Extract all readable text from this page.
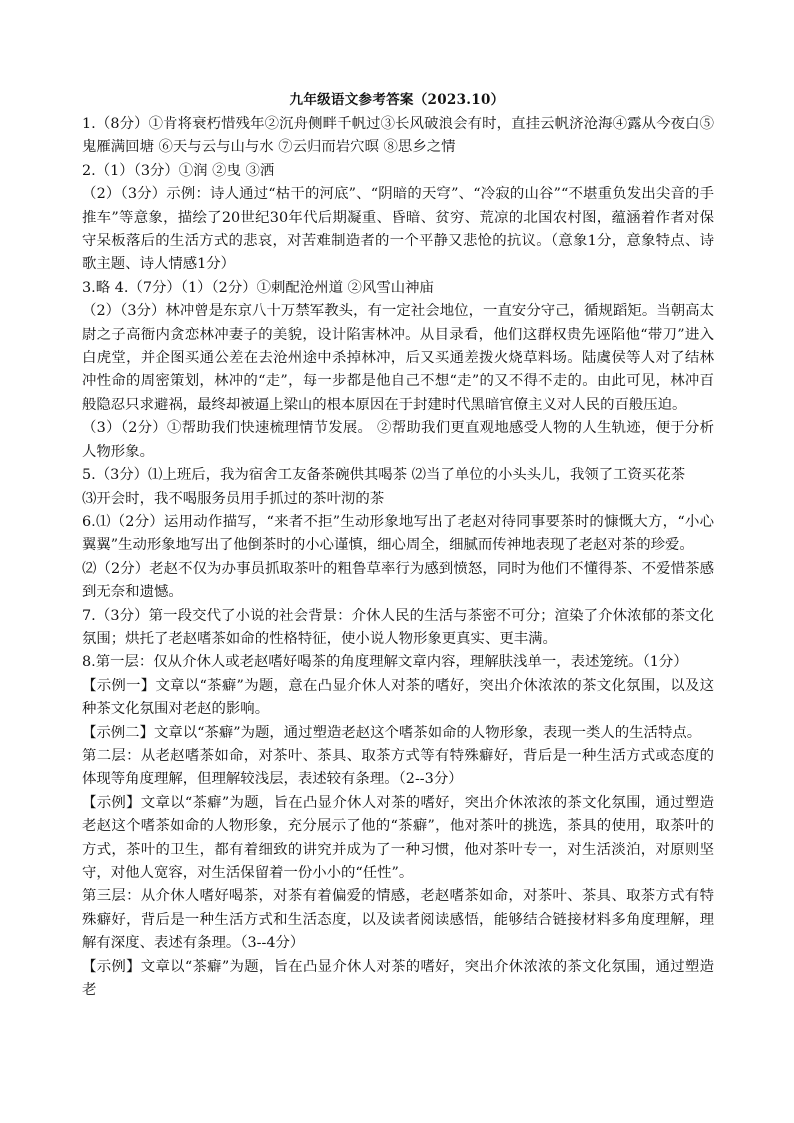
九年级语文参考答案（2023.10）

1.（8分）①肯将衰朽惜残年②沉舟侧畔千帆过③长风破浪会有时，直挂云帆济沧海④露从今夜白⑤鬼雁满回塘 ⑥天与云与山与水 ⑦云归而岩穴暝 ⑧思乡之情

2.（1）（3分）①润 ②曳 ③洒

（2）（3分）示例：诗人通过“枯干的河底”、“阴暗的天穹”、“冷寂的山谷”“不堪重负发出尖音的手推车”等意象，描绘了20世纪30年代后期凝重、昏暗、贫穷、荒凉的北国农村图，蕴涵着作者对保守呆板落后的生活方式的悲哀，对苦难制造者的一个平静又悲怆的抗议。（意象1分，意象特点、诗歌主题、诗人情感1分）

3.略 4.（7分）（1）（2分）①刺配沧州道 ②风雪山神庙

（2）（3分）林冲曾是东京八十万禁军教头，有一定社会地位，一直安分守己，循规蹈矩。当朝高太尉之子高衙内贪恋林冲妻子的美貌，设计陷害林冲。从目录看，他们这群权贵先诬陷他“带刀”进入白虎堂，并企图买通公差在去沧州途中杀掉林冲，后又买通差拨火烧草料场。陆虞侯等人对了结林冲性命的周密策划，林冲的“走”，每一步都是他自己不想“走”的又不得不走的。由此可见，林冲百般隐忍只求避祸，最终却被逼上梁山的根本原因在于封建时代黑暗官僚主义对人民的百般压迫。

（3）（2分）①帮助我们快速梳理情节发展。 ②帮助我们更直观地感受人物的人生轨迹，便于分析人物形象。

5.（3分）⑴上班后，我为宿舍工友备茶碗供其喝茶 ⑵当了单位的小头头儿，我领了工资买花茶

⑶开会时，我不喝服务员用手抓过的茶叶沏的茶

6.⑴（2分）运用动作描写，“来者不拒”生动形象地写出了老赵对待同事要茶时的慷慨大方，“小心翼翼”生动形象地写出了他倒茶时的小心谨慎，细心周全，细腻而传神地表现了老赵对茶的珍爱。

⑵（2分）老赵不仅为办事员抓取茶叶的粗鲁草率行为感到愤怒，同时为他们不懂得茶、不爱惜茶感到无奈和遗憾。

7.（3分）第一段交代了小说的社会背景：介休人民的生活与茶密不可分；渲染了介休浓郁的茶文化氛围；烘托了老赵嗜茶如命的性格特征，使小说人物形象更真实、更丰满。

8.第一层：仅从介休人或老赵嗜好喝茶的角度理解文章内容，理解肤浅单一，表述笼统。（1分）

【示例一】文章以“茶癖”为题，意在凸显介休人对茶的嗜好，突出介休浓浓的茶文化氛围，以及这种茶文化氛围对老赵的影响。

【示例二】文章以“茶癖”为题，通过塑造老赵这个嗜茶如命的人物形象，表现一类人的生活特点。

第二层：从老赵嗜茶如命，对茶叶、茶具、取茶方式等有特殊癖好，背后是一种生活方式或态度的体现等角度理解，但理解较浅层，表述较有条理。（2--3分）

【示例】文章以“茶癖”为题，旨在凸显介休人对茶的嗜好，突出介休浓浓的茶文化氛围，通过塑造老赵这个嗜茶如命的人物形象，充分展示了他的“茶癖”，他对茶叶的挑选，茶具的使用，取茶叶的方式，茶叶的卫生，都有着细致的讲究并成为了一种习惯，他对茶叶专一，对生活淡泊，对原则坚守，对他人宽容，对生活保留着一份小小的“任性”。

第三层：从介休人嗜好喝茶，对茶有着偏爱的情感，老赵嗜茶如命，对茶叶、茶具、取茶方式有特殊癖好，背后是一种生活方式和生活态度，以及读者阅读感悟，能够结合链接材料多角度理解，理解有深度、表述有条理。（3--4分）

【示例】文章以“茶癖”为题，旨在凸显介休人对茶的嗜好，突出介休浓浓的茶文化氛围，通过塑造老
